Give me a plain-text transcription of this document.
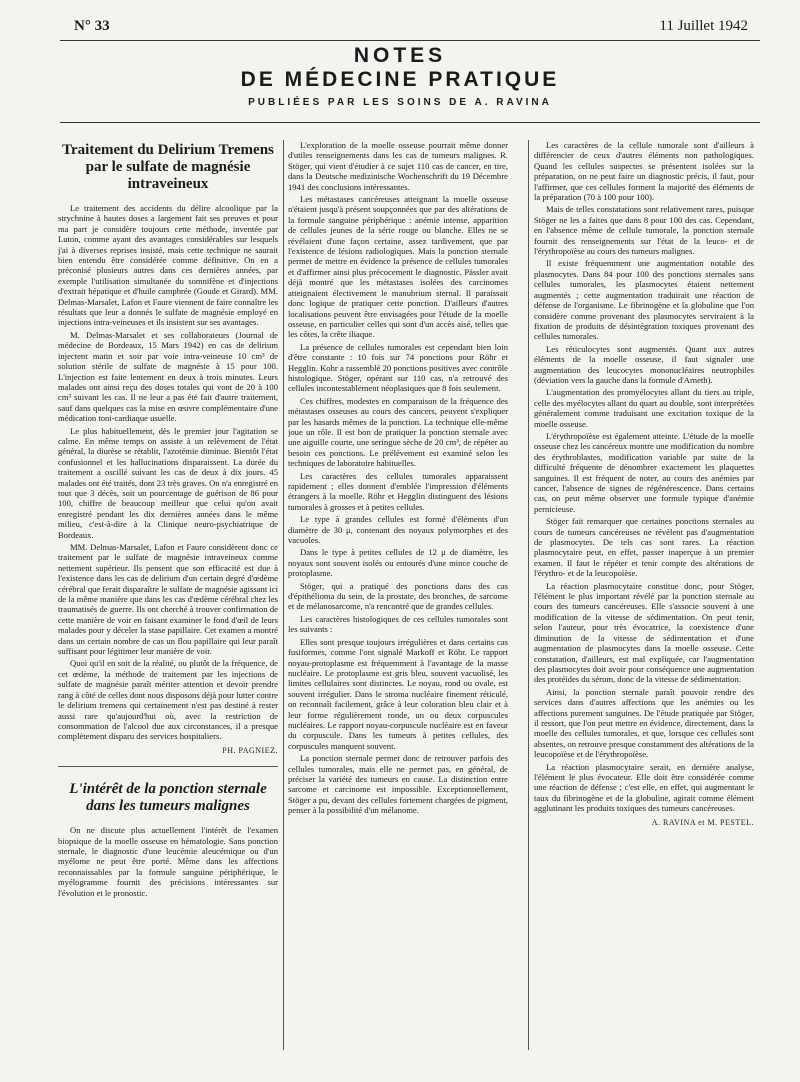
N° 33	11 Juillet 1942
NOTES
DE MÉDECINE PRATIQUE
PUBLIÉES PAR LES SOINS DE A. RAVINA
Traitement du Delirium Tremens par le sulfate de magnésie intraveineux

Le traitement des accidents du délire alcoolique par la strychnine à hautes doses a largement fait ses preuves et pour ma part je considère toujours cette méthode, inventée par Luton, comme ayant des avantages considérables sur lesquels j'ai à diverses reprises insisté, mais cette technique ne saurait bien entendu être considérée comme définitive. On en a préconisé plusieurs autres dans ces dernières années, par exemple l'utilisation simultanée du somnifène et d'injections d'extrait hépatique et d'huile camphrée (Goude et Girard). MM. Delmas-Marsalet, Lafon et Faure viennent de faire connaître les résultats que leur a donnés le sulfate de magnésie employé en injections intra-veineuses et ils insistent sur ses avantages.

M. Delmas-Marsalet et ses collaborateurs (Journal de médecine de Bordeaux, 15 Mars 1942) en cas de delirium injectent matin et soir par voie intra-veineuse 10 cm³ de solution stérile de sulfate de magnésie à 15 pour 100. L'injection est faite lentement en deux à trois minutes. Leurs malades ont ainsi reçu des doses totales qui vont de 20 à 100 cm³ suivant les cas. Il ne leur a pas été fait d'autre traitement, sauf dans quelques cas la mise en œuvre complémentaire d'une médication toni-cardiaque usuelle.

Le plus habituellement, dès le premier jour l'agitation se calme. En même temps on assiste à un relèvement de l'état général, la diurèse se rétablit, l'azotémie diminue. Bientôt l'état confusionnel et les hallucinations disparaissent. La durée du traitement a oscillé suivant les cas de deux à dix jours. 45 malades ont été traités, dont 23 très graves. On n'a enregistré en tout que 3 décès, soit un pourcentage de guérison de 86 pour 100, chiffre de beaucoup meilleur que celui qu'on avait enregistré pendant les dix dernières années dans le même milieu, c'est-à-dire à la Clinique neuro-psychiatrique de Bordeaux.

MM. Delmas-Marsalet, Lafon et Faure considèrent donc ce traitement par le sulfate de magnésie intraveineux comme nettement supérieur. Ils pensent que son efficacité est due à l'existence dans les cas de delirium d'un certain degré d'œdème cérébral que ferait disparaître le sulfate de magnésie agissant ici de la même manière que dans les cas d'œdème cérébral chez les traumatisés de guerre. Ils ont cherché à trouver confirmation de cette manière de voir en faisant examiner le fond d'œil de leurs malades pour y déceler la stase papillaire. Cet examen a montré dans un certain nombre de cas un flou papillaire qui leur paraît suffisant pour légitimer leur manière de voir.

Quoi qu'il en soit de la réalité, ou plutôt de la fréquence, de cet œdème, la méthode de traitement par les injections de sulfate de magnésie paraît mériter attention et devoir prendre rang à côté de celles dont nous disposons déjà pour lutter contre le delirium tremens qui certainement n'est pas destiné à rester aussi rare qu'aujourd'hui où, avec la restriction de consommation de l'alcool due aux circonstances, il a presque complètement disparu des services hospitaliers.

PH. PAGNIEZ.
L'intérêt de la ponction sternale dans les tumeurs malignes

On ne discute plus actuellement l'intérêt de l'examen biopsique de la moelle osseuse en hématologie. Sans ponction sternale, le diagnostic d'une leucémie aleucémique ou d'un myélome ne peut être porté. Même dans les affections reconnaissables par la formule sanguine périphérique, le myélogramme fournit des précisions intéressantes sur l'évolution et le pronostic.

L'exploration de la moelle osseuse pourrait même donner d'utiles renseignements dans les cas de tumeurs malignes. R. Stöger, qui vient d'étudier à ce sujet 110 cas de cancer, en tire, dans la Deutsche medizinische Wochenschrift du 19 Décembre 1941 des conclusions intéressantes.

Les métastases cancéreuses atteignant la moelle osseuse n'étaient jusqu'à présent soupçonnées que par des altérations de la formule sanguine périphérique : anémie intense, apparition de cellules jeunes de la série rouge ou blanche. Elles ne se révélaient d'une façon certaine, assez tardivement, que par l'existence de lésions radiologiques. Mais la ponction sternale permet de mettre en évidence la présence de cellules tumorales et d'affirmer ainsi plus précocement le diagnostic. Pässler avait déjà montré que les métastases isolées des carcinomes atteignaient électivement le manubrium sternal. Il paraissait donc logique de pratiquer cette ponction. D'ailleurs d'autres localisations peuvent être envisagées pour l'étude de la moelle osseuse, en particulier celles qui sont d'un accès aisé, telles que les côtes, la crête iliaque.

La présence de cellules tumorales est cependant bien loin d'être constante : 10 fois sur 74 ponctions pour Röhr et Hegglin. Kohr a rassemblé 20 ponctions positives avec contrôle histologique. Stöger, opérant sur 110 cas, n'a retrouvé des cellules incontestablement néoplasiques que 8 fois seulement.

Ces chiffres, modestes en comparaison de la fréquence des métastases osseuses au cours des cancers, peuvent s'expliquer par les hasards mêmes de la ponction. La technique elle-même joue un rôle. Il est bon de pratiquer la ponction sternale avec une aiguille courte, une seringue sèche de 20 cm³, de répéter au besoin ces ponctions. Le prélèvement est examiné selon les techniques de laboratoire habituelles.

Les caractères des cellules tumorales apparaissent rapidement ; elles donnent d'emblée l'impression d'éléments étrangers à la moelle. Röhr et Hegglin distinguent des lésions tumorales à grosses et à petites cellules.

Le type à grandes cellules est formé d'éléments d'un diamètre de 30 μ, contenant des noyaux polymorphes et des vacuoles.

Dans le type à petites cellules de 12 μ de diamètre, les noyaux sont souvent isolés ou entourés d'une mince couche de protoplasme.

Stöger, qui a pratiqué des ponctions dans des cas d'épithélioma du sein, de la prostate, des bronches, de sarcome et de mélanosarcome, n'a rencontré que de grandes cellules.

Les caractères histologiques de ces cellules tumorales sont les suivants :

Elles sont presque toujours irrégulières et dans certains cas fusiformes, comme l'ont signalé Markoff et Röhr. Le rapport noyau-protoplasme est fréquemment à l'avantage de la masse nucléaire. Le protoplasme est gris bleu, souvent vacuolisé, les limites cellulaires sont distinctes. Le noyau, rond ou ovale, est souvent irrégulier. Dans le stroma nucléaire finement réticulé, on reconnaît facilement, grâce à leur coloration bleu clair et à leur forme régulièrement ronde, un ou deux corpuscules nucléaires. Le rapport noyau-corpuscule nucléaire est en faveur du corpuscule. Dans les tumeurs à petites cellules, des corpuscules manquent souvent.

La ponction sternale permet donc de retrouver parfois des cellules tumorales, mais elle ne permet pas, en général, de préciser la variété des tumeurs en cause. La distinction entre sarcome et carcinome est impossible. Exceptionnellement, Stöger a pu, devant des cellules fortement chargées de pigment, penser à la possibilité d'un mélanome.

Les caractères de la cellule tumorale sont d'ailleurs à différencier de ceux d'autres éléments non pathologiques. Quand les cellules suspectes se présentent isolées sur la préparation, on ne peut faire un diagnostic précis, il faut, pour l'affirmer, que ces cellules forment la majorité des éléments de la préparation (70 à 100 pour 100).

Mais de telles constatations sont relativement rares, puisque Stöger ne les a faites que dans 8 pour 100 des cas. Cependant, en l'absence même de cellule tumorale, la ponction sternale fournit des renseignements sur l'état de la leuco- et de l'érythropoïèse au cours des tumeurs malignes.

Il existe fréquemment une augmentation notable des plasmocytes. Dans 84 pour 100 des ponctions sternales sans cellules tumorales, les plasmocytes étaient nettement augmentés ; cette augmentation traduirait une réaction de défense de l'organisme. Le fibrinogène et la globuline que l'on considère comme provenant des plasmocytes serviraient à la fixation de produits de désintégration toxiques provenant des cellules tumorales.

Les réticulocytes sont augmentés. Quant aux autres éléments de la moelle osseuse, il faut signaler une augmentation des leucocytes mononucléaires neutrophiles (déviation vers la gauche dans la formule d'Arneth).

L'augmentation des promyélocytes allant du tiers au triple, celle des myélocytes allant du quart au double, sont interprétées généralement comme traduisant une excitation toxique de la moelle osseuse.

L'érythropoïèse est également atteinte. L'étude de la moelle osseuse chez les cancéreux montre une modification du nombre des érythroblastes, modification variable par suite de la difficulté fréquente de dénombrer exactement les plaquettes sanguines. Il est fréquent de noter, au cours des anémies par cancer, l'absence de signes de régénérescence. Dans certains cas, on peut même observer une formule typique d'anémie pernicieuse.

Stöger fait remarquer que certaines ponctions sternales au cours de tumeurs cancéreuses ne révèlent pas d'augmentation de plasmocytes. De tels cas sont rares. La réaction plasmocytaire peut, en effet, passer inaperçue à un premier examen. Il faut le répéter et tenir compte des altérations de l'érythro- et de la leucopoïèse.

La réaction plasmocytaire constitue donc, pour Stöger, l'élément le plus important révélé par la ponction sternale au cours des tumeurs cancéreuses. Elle s'associe souvent à une modification de la vitesse de sédimentation. On peut tenir, selon l'auteur, pour très évocatrice, la coexistence d'une diminution de la vitesse de sédimentation et d'une augmentation de plasmocytes dans la moelle osseuse. Cette constatation, d'ailleurs, est mal expliquée, car l'augmentation des plasmocytes doit avoir pour conséquence une augmentation des protéides du sérum, donc de la vitesse de sédimentation.

Ainsi, la ponction sternale paraît pouvoir rendre des services dans d'autres affections que les anémies ou les affections purement sanguines. De l'étude pratiquée par Stöger, il ressort, que l'on peut mettre en évidence, directement, dans la moelle des cellules tumorales, et que, lorsque ces cellules sont absentes, on retrouve presque constamment des altérations de la leucopoïèse et de l'érythropoïèse.

La réaction plasmocytaire serait, en dernière analyse, l'élément le plus évocateur. Elle doit être considérée comme une réaction de défense ; c'est elle, en effet, qui augmentant le taux du fibrinogène et de la globuline, agirait comme élément agglutinant les produits toxiques des tumeurs cancéreuses.

A. RAVINA et M. PESTEL.
